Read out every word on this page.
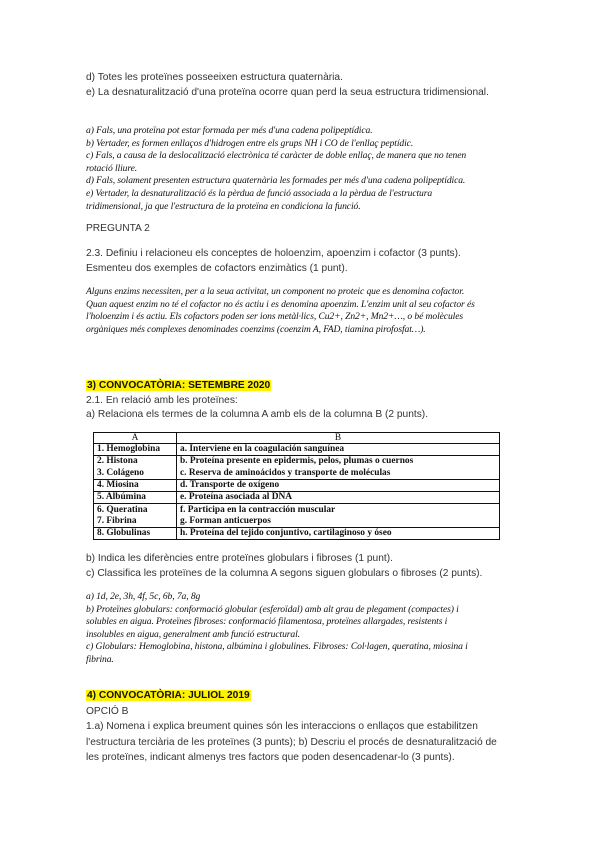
d) Totes les proteïnes posseeixen estructura quaternària.
e) La desnaturalització d'una proteïna ocorre quan perd la seua estructura tridimensional.
a) Fals, una proteïna pot estar formada per més d'una cadena polipeptídica.
b) Vertader, es formen enllaços d'hidrogen entre els grups NH i CO de l'enllaç peptídic.
c) Fals, a causa de la deslocalització electrònica té caràcter de doble enllaç, de manera que no tenen
rotació lliure.
d) Fals, solament presenten estructura quaternària les formades per més d'una cadena polipeptídica.
e) Vertader, la desnaturalització és la pèrdua de funció associada a la pèrdua de l'estructura
tridimensional, ja que l'estructura de la proteïna en condiciona la funció.
PREGUNTA 2
2.3. Definiu i relacioneu els conceptes de holoenzim, apoenzim i cofactor (3 punts).
Esmenteu dos exemples de cofactors enzimàtics (1 punt).
Alguns enzims necessiten, per a la seua activitat, un component no proteic que es denomina cofactor.
Quan aquest enzim no té el cofactor no és actiu i es denomina apoenzim. L'enzim unit al seu cofactor és
l'holoenzim i és actiu. Els cofactors poden ser ions metàl·lics, Cu2+, Zn2+, Mn2+…, o bé molècules
orgàniques més complexes denominades coenzims (coenzim A, FAD, tiamina pirofosfat…).
3) CONVOCATÒRIA: SETEMBRE 2020
2.1. En relació amb les proteïnes:
a) Relaciona els termes de la columna A amb els de la columna B (2 punts).
A	B
1. Hemoglobina	a. Interviene en la coagulación sanguínea
2. Histona	b. Proteína presente en epidermis, pelos, plumas o cuernos
3. Colágeno	c. Reserva de aminoácidos y transporte de moléculas
4. Miosina	d. Transporte de oxígeno
5. Albúmina	e. Proteína asociada al DNA
6. Queratina	f. Participa en la contracción muscular
7. Fibrina	g. Forman anticuerpos
8. Globulinas	h. Proteína del tejido conjuntivo, cartilaginoso y óseo
b) Indica les diferències entre proteïnes globulars i fibroses (1 punt).
c) Classifica les proteïnes de la columna A segons siguen globulars o fibroses (2 punts).
a) 1d, 2e, 3h, 4f, 5c, 6b, 7a, 8g
b) Proteïnes globulars: conformació globular (esferoïdal) amb alt grau de plegament (compactes) i
solubles en aigua. Proteïnes fibroses: conformació filamentosa, proteïnes allargades, resistents i
insolubles en aigua, generalment amb funció estructural.
c) Globulars: Hemoglobina, histona, albúmina i globulines. Fibroses: Col·lagen, queratina, miosina i
fibrina.
4) CONVOCATÒRIA: JULIOL 2019
OPCIÓ B
1.a) Nomena i explica breument quines són les interaccions o enllaços que estabilitzen
l'estructura terciària de les proteïnes (3 punts); b) Descriu el procés de desnaturalització de
les proteïnes, indicant almenys tres factors que poden desencadenar-lo (3 punts).
